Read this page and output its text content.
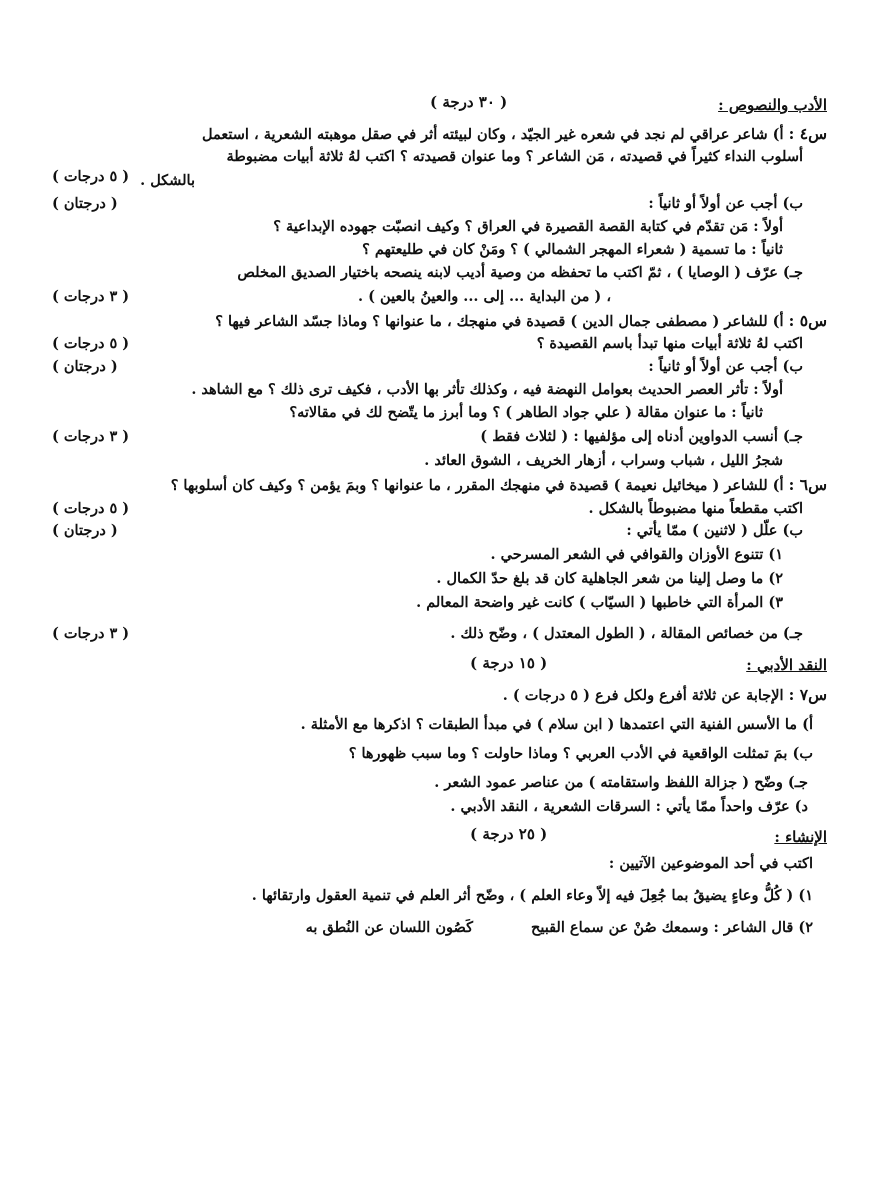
الأدب والنصوص :
( ٣٠ درجة )
س٤ : أ) شاعر عراقي لم نجد في شعره غير الجيّد ، وكان لبيئته أثر في صقل موهبته الشعرية ، استعمل
أسلوب النداء كثيراً في قصيدته ، مَن الشاعر ؟ وما عنوان قصيدته ؟ اكتب لهُ ثلاثة أبيات مضبوطة
بالشكل .
( ٥ درجات )
ب) أجب عن أولاً أو ثانياً :
( درجتان )
أولاً : مَن تقدّم في كتابة القصة القصيرة في العراق ؟ وكيف انصبّت جهوده الإبداعية ؟
ثانياً : ما تسمية ( شعراء المهجر الشمالي ) ؟ ومَنْ كان في طليعتهم ؟
جـ) عرّف ( الوصايا ) ، ثمّ اكتب ما تحفظه من وصية أديب لابنه ينصحه باختيار الصديق المخلص
، ( من البداية ... إلى ... والعينُ بالعين ) .
( ٣ درجات )
س٥ : أ) للشاعر ( مصطفى جمال الدين ) قصيدة في منهجك ، ما عنوانها ؟ وماذا جسّد الشاعر فيها ؟
اكتب لهُ ثلاثة أبيات منها تبدأ باسم القصيدة ؟
( ٥ درجات )
ب) أجب عن أولاً أو ثانياً :
( درجتان )
أولاً : تأثر العصر الحديث بعوامل النهضة فيه ، وكذلك تأثر بها الأدب ، فكيف ترى ذلك ؟ مع الشاهد .
ثانياً : ما عنوان مقالة ( علي جواد الطاهر ) ؟ وما أبرز ما يتّضح لك في مقالاته؟
جـ) أنسب الدواوين أدناه إلى مؤلفيها : ( لثلاث فقط )
( ٣ درجات )
شجرُ الليل ، شباب وسراب ، أزهار الخريف ، الشوق العائد .
س٦ : أ) للشاعر ( ميخائيل نعيمة ) قصيدة في منهجك المقرر ، ما عنوانها ؟ وبمَ يؤمن ؟ وكيف كان أسلوبها ؟
اكتب مقطعاً منها مضبوطاً بالشكل .
( ٥ درجات )
ب) علّل ( لاثنين ) ممّا يأتي :
( درجتان )
١) تتنوع الأوزان والقوافي في الشعر المسرحي .
٢) ما وصل إلينا من شعر الجاهلية كان قد بلغ حدّ الكمال .
٣) المرأة التي خاطبها ( السيّاب ) كانت غير واضحة المعالم .
جـ) من خصائص المقالة ، ( الطول المعتدل ) ، وضّح ذلك .
( ٣ درجات )
النقد الأدبي :
( ١٥ درجة )
س٧ : الإجابة عن ثلاثة أفرع ولكل فرع ( ٥ درجات ) .
أ) ما الأسس الفنية التي اعتمدها ( ابن سلام ) في مبدأ الطبقات ؟ اذكرها مع الأمثلة .
ب) بمَ تمثلت الواقعية في الأدب العربي ؟ وماذا حاولت ؟ وما سبب ظهورها ؟
جـ) وضّح ( جزالة اللفظ واستقامته ) من عناصر عمود الشعر .
د) عرّف واحداً ممّا يأتي : السرقات الشعرية ، النقد الأدبي .
الإنشاء :
( ٢٥ درجة )
اكتب في أحد الموضوعين الآتيين :
١) ( كُلُّ وعاءٍ يضيقُ بما جُعِلَ فيه إلاّ وعاء العلم ) ، وضّح أثر العلم في تنمية العقول وارتقائها .
٢) قال الشاعر : وسمعك صُنْ عن سماع القبيح
كَصُون اللسان عن النُطق به
